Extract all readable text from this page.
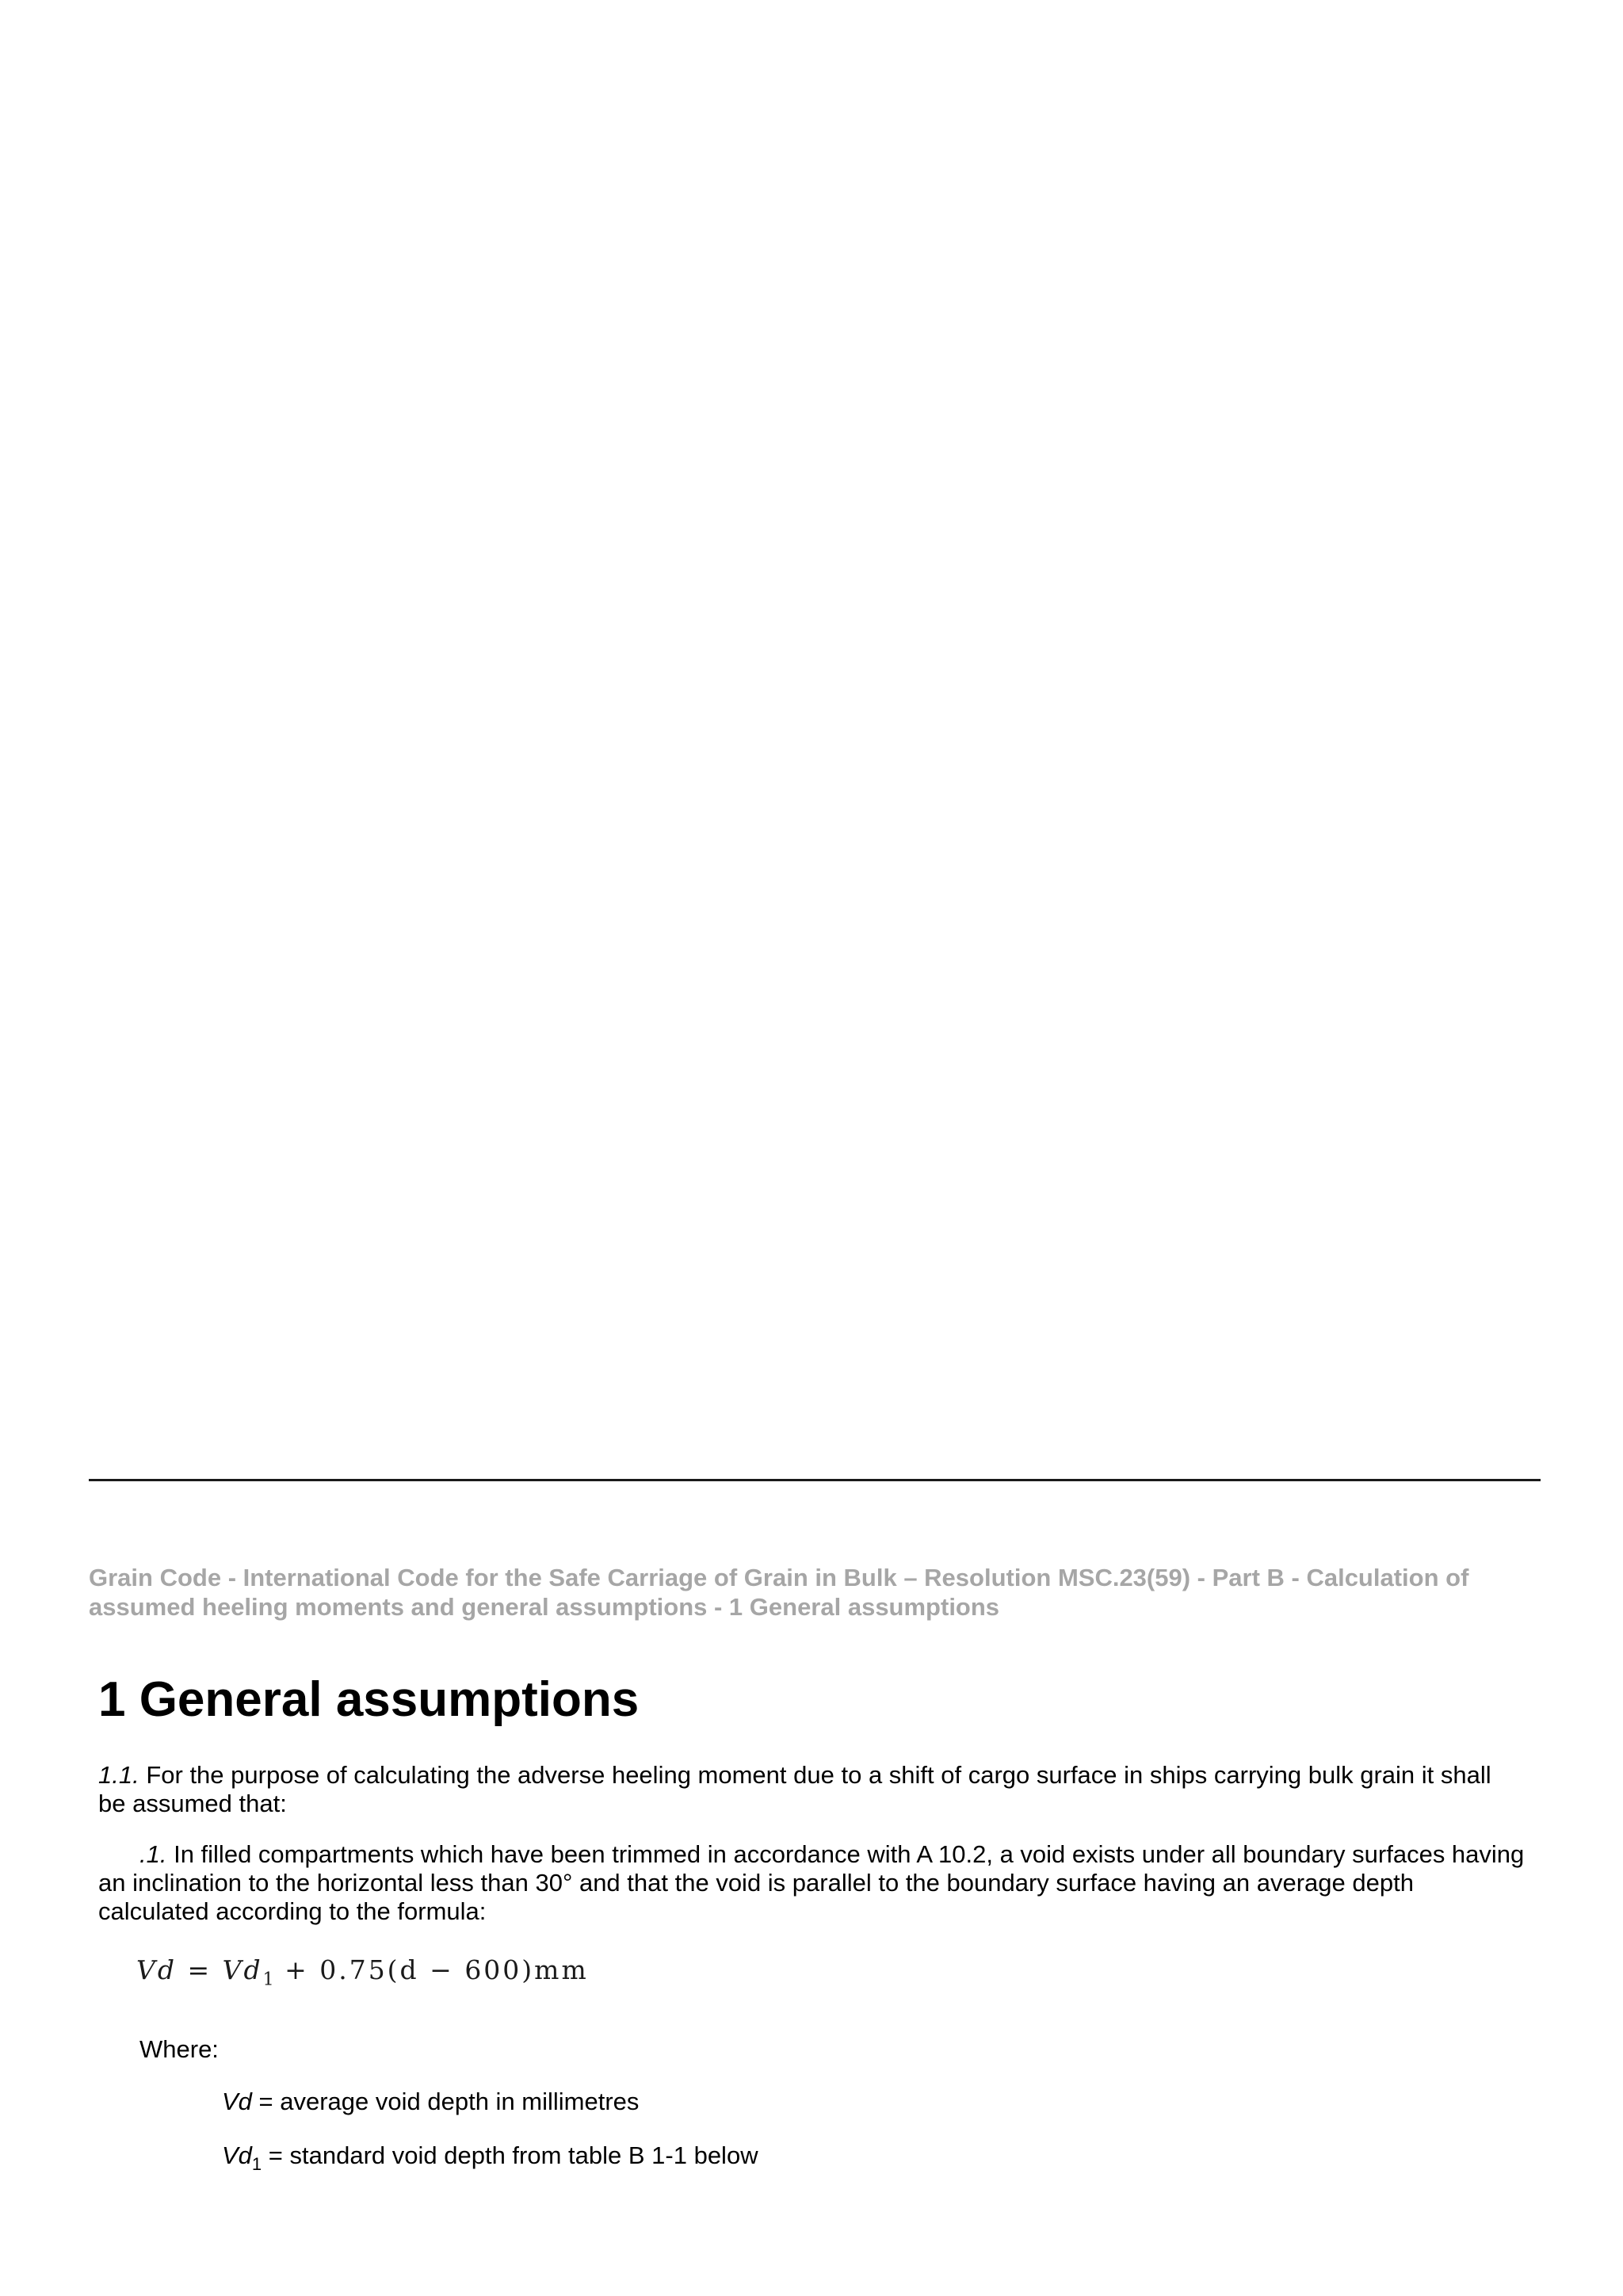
Grain Code - International Code for the Safe Carriage of Grain in Bulk – Resolution MSC.23(59) - Part B - Calculation of assumed heeling moments and general assumptions - 1 General assumptions
1 General assumptions
1.1. For the purpose of calculating the adverse heeling moment due to a shift of cargo surface in ships carrying bulk grain it shall be assumed that:
.1. In filled compartments which have been trimmed in accordance with A 10.2, a void exists under all boundary surfaces having an inclination to the horizontal less than 30° and that the void is parallel to the boundary surface having an average depth calculated according to the formula:
$Vd = Vd_1 + 0.75(d - 600)mm$
Where:
Vd = average void depth in millimetres
$Vd_1$ = standard void depth from table B 1-1 below
